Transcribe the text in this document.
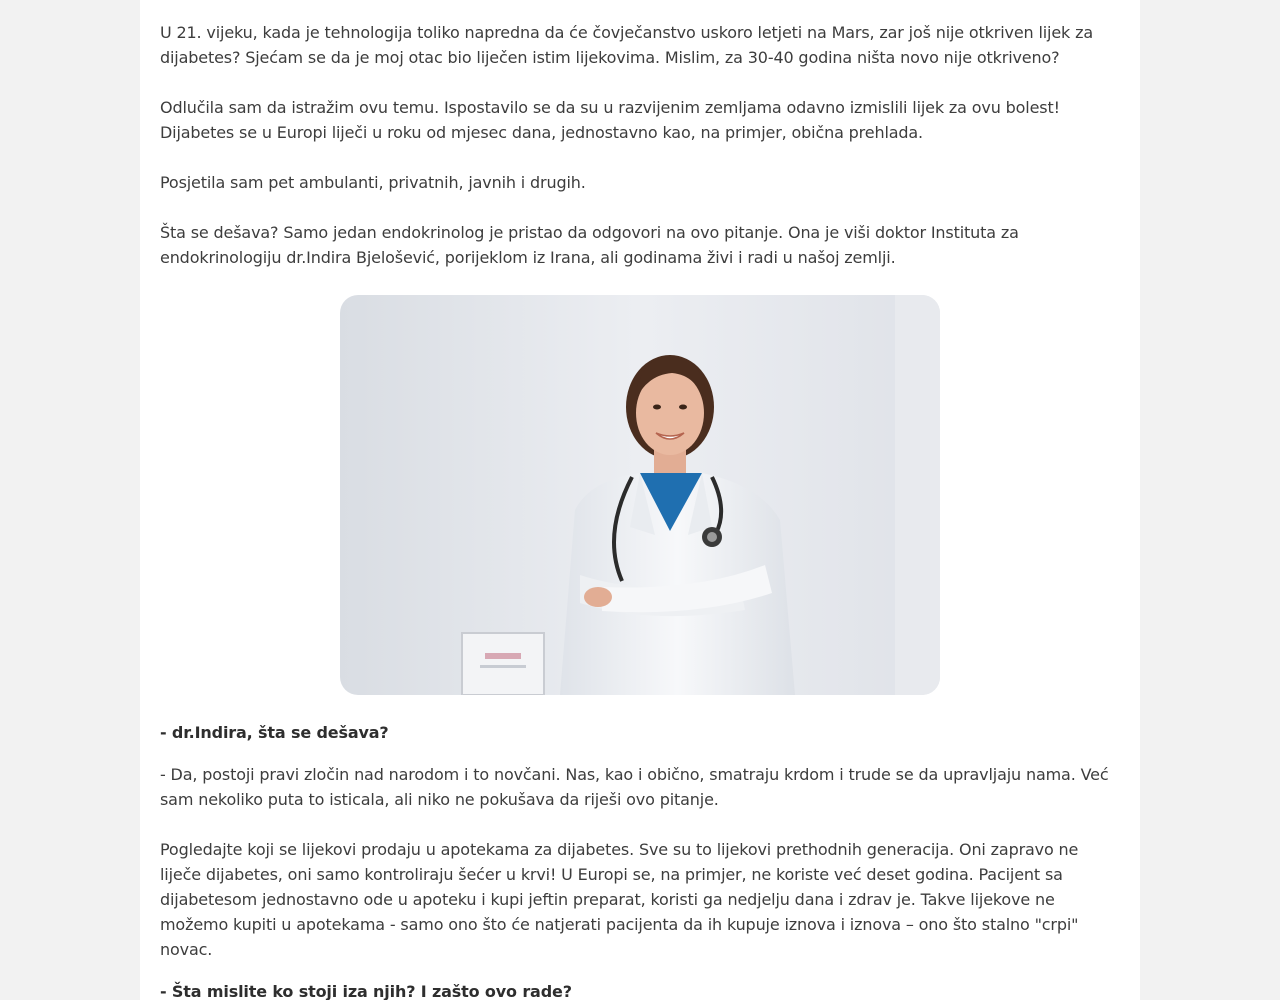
U 21. vijeku, kada je tehnologija toliko napredna da će čovječanstvo uskoro letjeti na Mars, zar još nije otkriven lijek za dijabetes? Sjećam se da je moj otac bio liječen istim lijekovima. Mislim, za 30-40 godina ništa novo nije otkriveno?

Odlučila sam da istražim ovu temu. Ispostavilo se da su u razvijenim zemljama odavno izmislili lijek za ovu bolest! Dijabetes se u Europi liječi u roku od mjesec dana, jednostavno kao, na primjer, obična prehlada.

Posjetila sam pet ambulanti, privatnih, javnih i drugih.

Šta se dešava? Samo jedan endokrinolog je pristao da odgovori na ovo pitanje. Ona je viši doktor Instituta za endokrinologiju dr.Indira Bjelošević, porijeklom iz Irana, ali godinama živi i radi u našoj zemlji.

- dr.Indira, šta se dešava?

- Da, postoji pravi zločin nad narodom i to novčani. Nas, kao i obično, smatraju krdom i trude se da upravljaju nama. Već sam nekoliko puta to isticala, ali niko ne pokušava da riješi ovo pitanje.

Pogledajte koji se lijekovi prodaju u apotekama za dijabetes. Sve su to lijekovi prethodnih generacija. Oni zapravo ne liječe dijabetes, oni samo kontroliraju šećer u krvi! U Europi se, na primjer, ne koriste već deset godina. Pacijent sa dijabetesom jednostavno ode u apoteku i kupi jeftin preparat, koristi ga nedjelju dana i zdrav je. Takve lijekove ne možemo kupiti u apotekama - samo ono što će natjerati pacijenta da ih kupuje iznova i iznova – ono što stalno "crpi" novac.

- Šta mislite ko stoji iza njih? I zašto ovo rade?
